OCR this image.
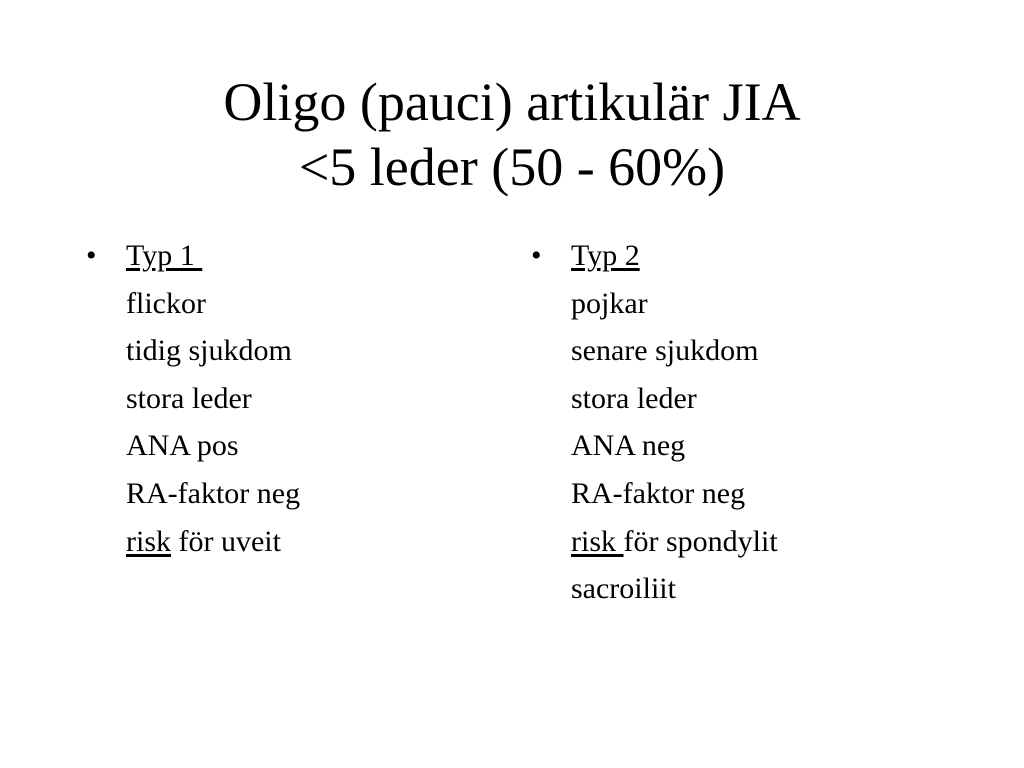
Oligo (pauci) artikulär JIA
<5 leder (50 - 60%)
• Typ 1
flickor
tidig sjukdom
stora leder
ANA pos
RA-faktor neg
risk för uveit
• Typ 2
pojkar
senare sjukdom
stora leder
ANA neg
RA-faktor neg
risk för spondylit
sacroiliit
